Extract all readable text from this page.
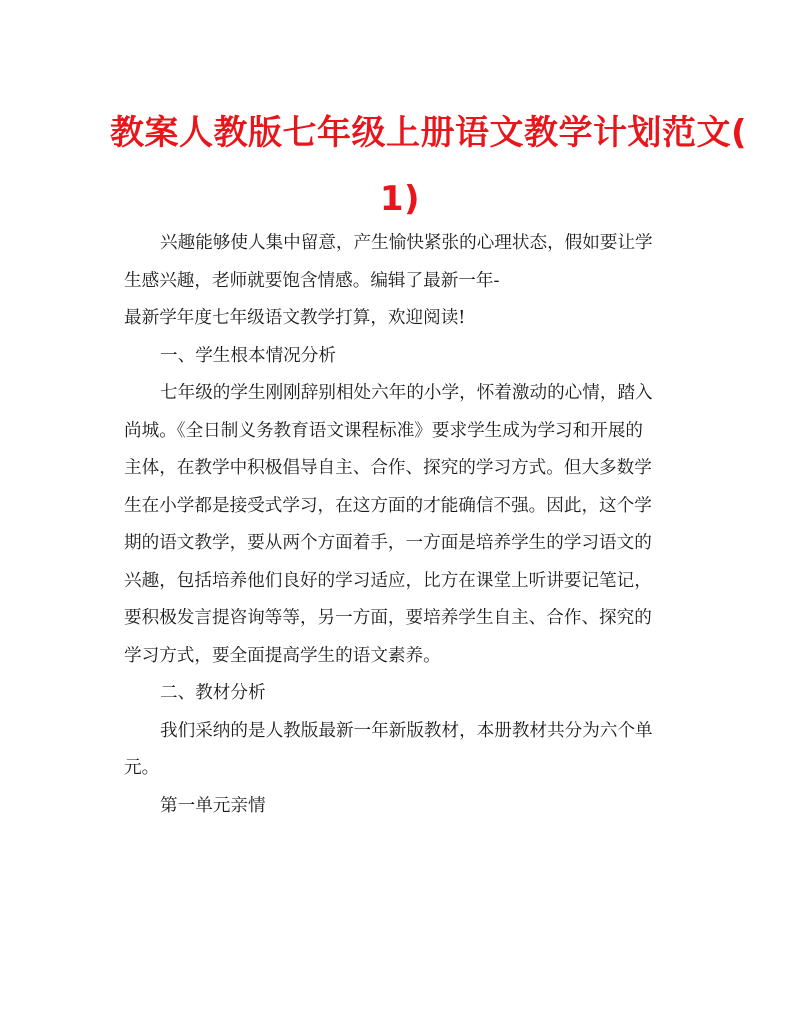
教案人教版七年级上册语文教学计划范文(
1)

兴趣能够使人集中留意，产生愉快紧张的心理状态，假如要让学
生感兴趣，老师就要饱含情感。编辑了最新一年-
最新学年度七年级语文教学打算，欢迎阅读!

一、学生根本情况分析

七年级的学生刚刚辞别相处六年的小学，怀着激动的心情，踏入
尚城。《全日制义务教育语文课程标准》要求学生成为学习和开展的
主体，在教学中积极倡导自主、合作、探究的学习方式。但大多数学
生在小学都是接受式学习，在这方面的才能确信不强。因此，这个学
期的语文教学，要从两个方面着手，一方面是培养学生的学习语文的
兴趣，包括培养他们良好的学习适应，比方在课堂上听讲要记笔记，
要积极发言提咨询等等，另一方面，要培养学生自主、合作、探究的
学习方式，要全面提高学生的语文素养。

二、教材分析

我们采纳的是人教版最新一年新版教材，本册教材共分为六个单
元。

第一单元亲情
